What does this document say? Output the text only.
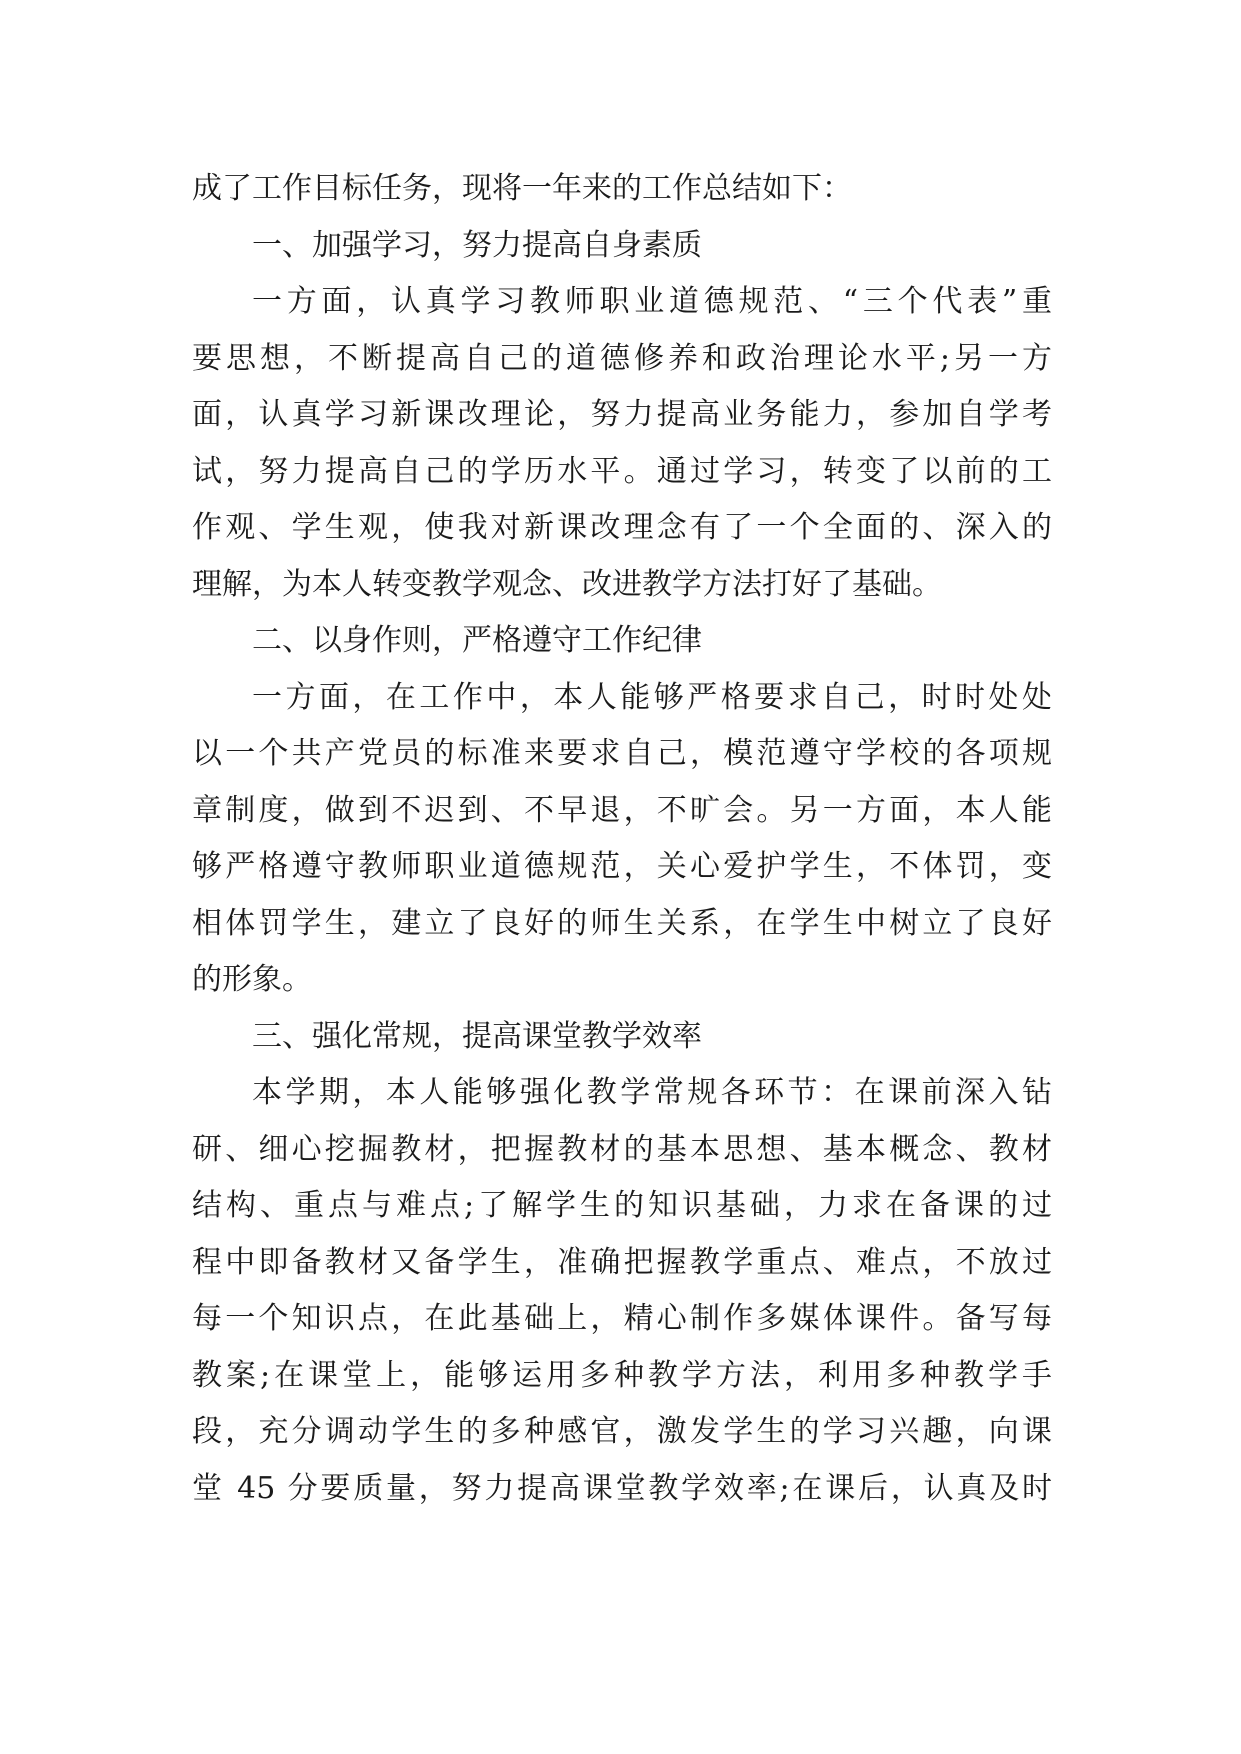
成了工作目标任务，现将一年来的工作总结如下：
一、加强学习，努力提高自身素质
一方面，认真学习教师职业道德规范、“三个代表”重
要思想，不断提高自己的道德修养和政治理论水平;另一方
面，认真学习新课改理论，努力提高业务能力，参加自学考
试，努力提高自己的学历水平。通过学习，转变了以前的工
作观、学生观，使我对新课改理念有了一个全面的、深入的
理解，为本人转变教学观念、改进教学方法打好了基础。
二、以身作则，严格遵守工作纪律
一方面，在工作中，本人能够严格要求自己，时时处处
以一个共产党员的标准来要求自己，模范遵守学校的各项规
章制度，做到不迟到、不早退，不旷会。另一方面，本人能
够严格遵守教师职业道德规范，关心爱护学生，不体罚，变
相体罚学生，建立了良好的师生关系，在学生中树立了良好
的形象。
三、强化常规，提高课堂教学效率
本学期，本人能够强化教学常规各环节：在课前深入钻
研、细心挖掘教材，把握教材的基本思想、基本概念、教材
结构、重点与难点;了解学生的知识基础，力求在备课的过
程中即备教材又备学生，准确把握教学重点、难点，不放过
每一个知识点，在此基础上，精心制作多媒体课件。备写每
教案;在课堂上，能够运用多种教学方法，利用多种教学手
段，充分调动学生的多种感官，激发学生的学习兴趣，向课
堂 45 分要质量，努力提高课堂教学效率;在课后，认真及时
